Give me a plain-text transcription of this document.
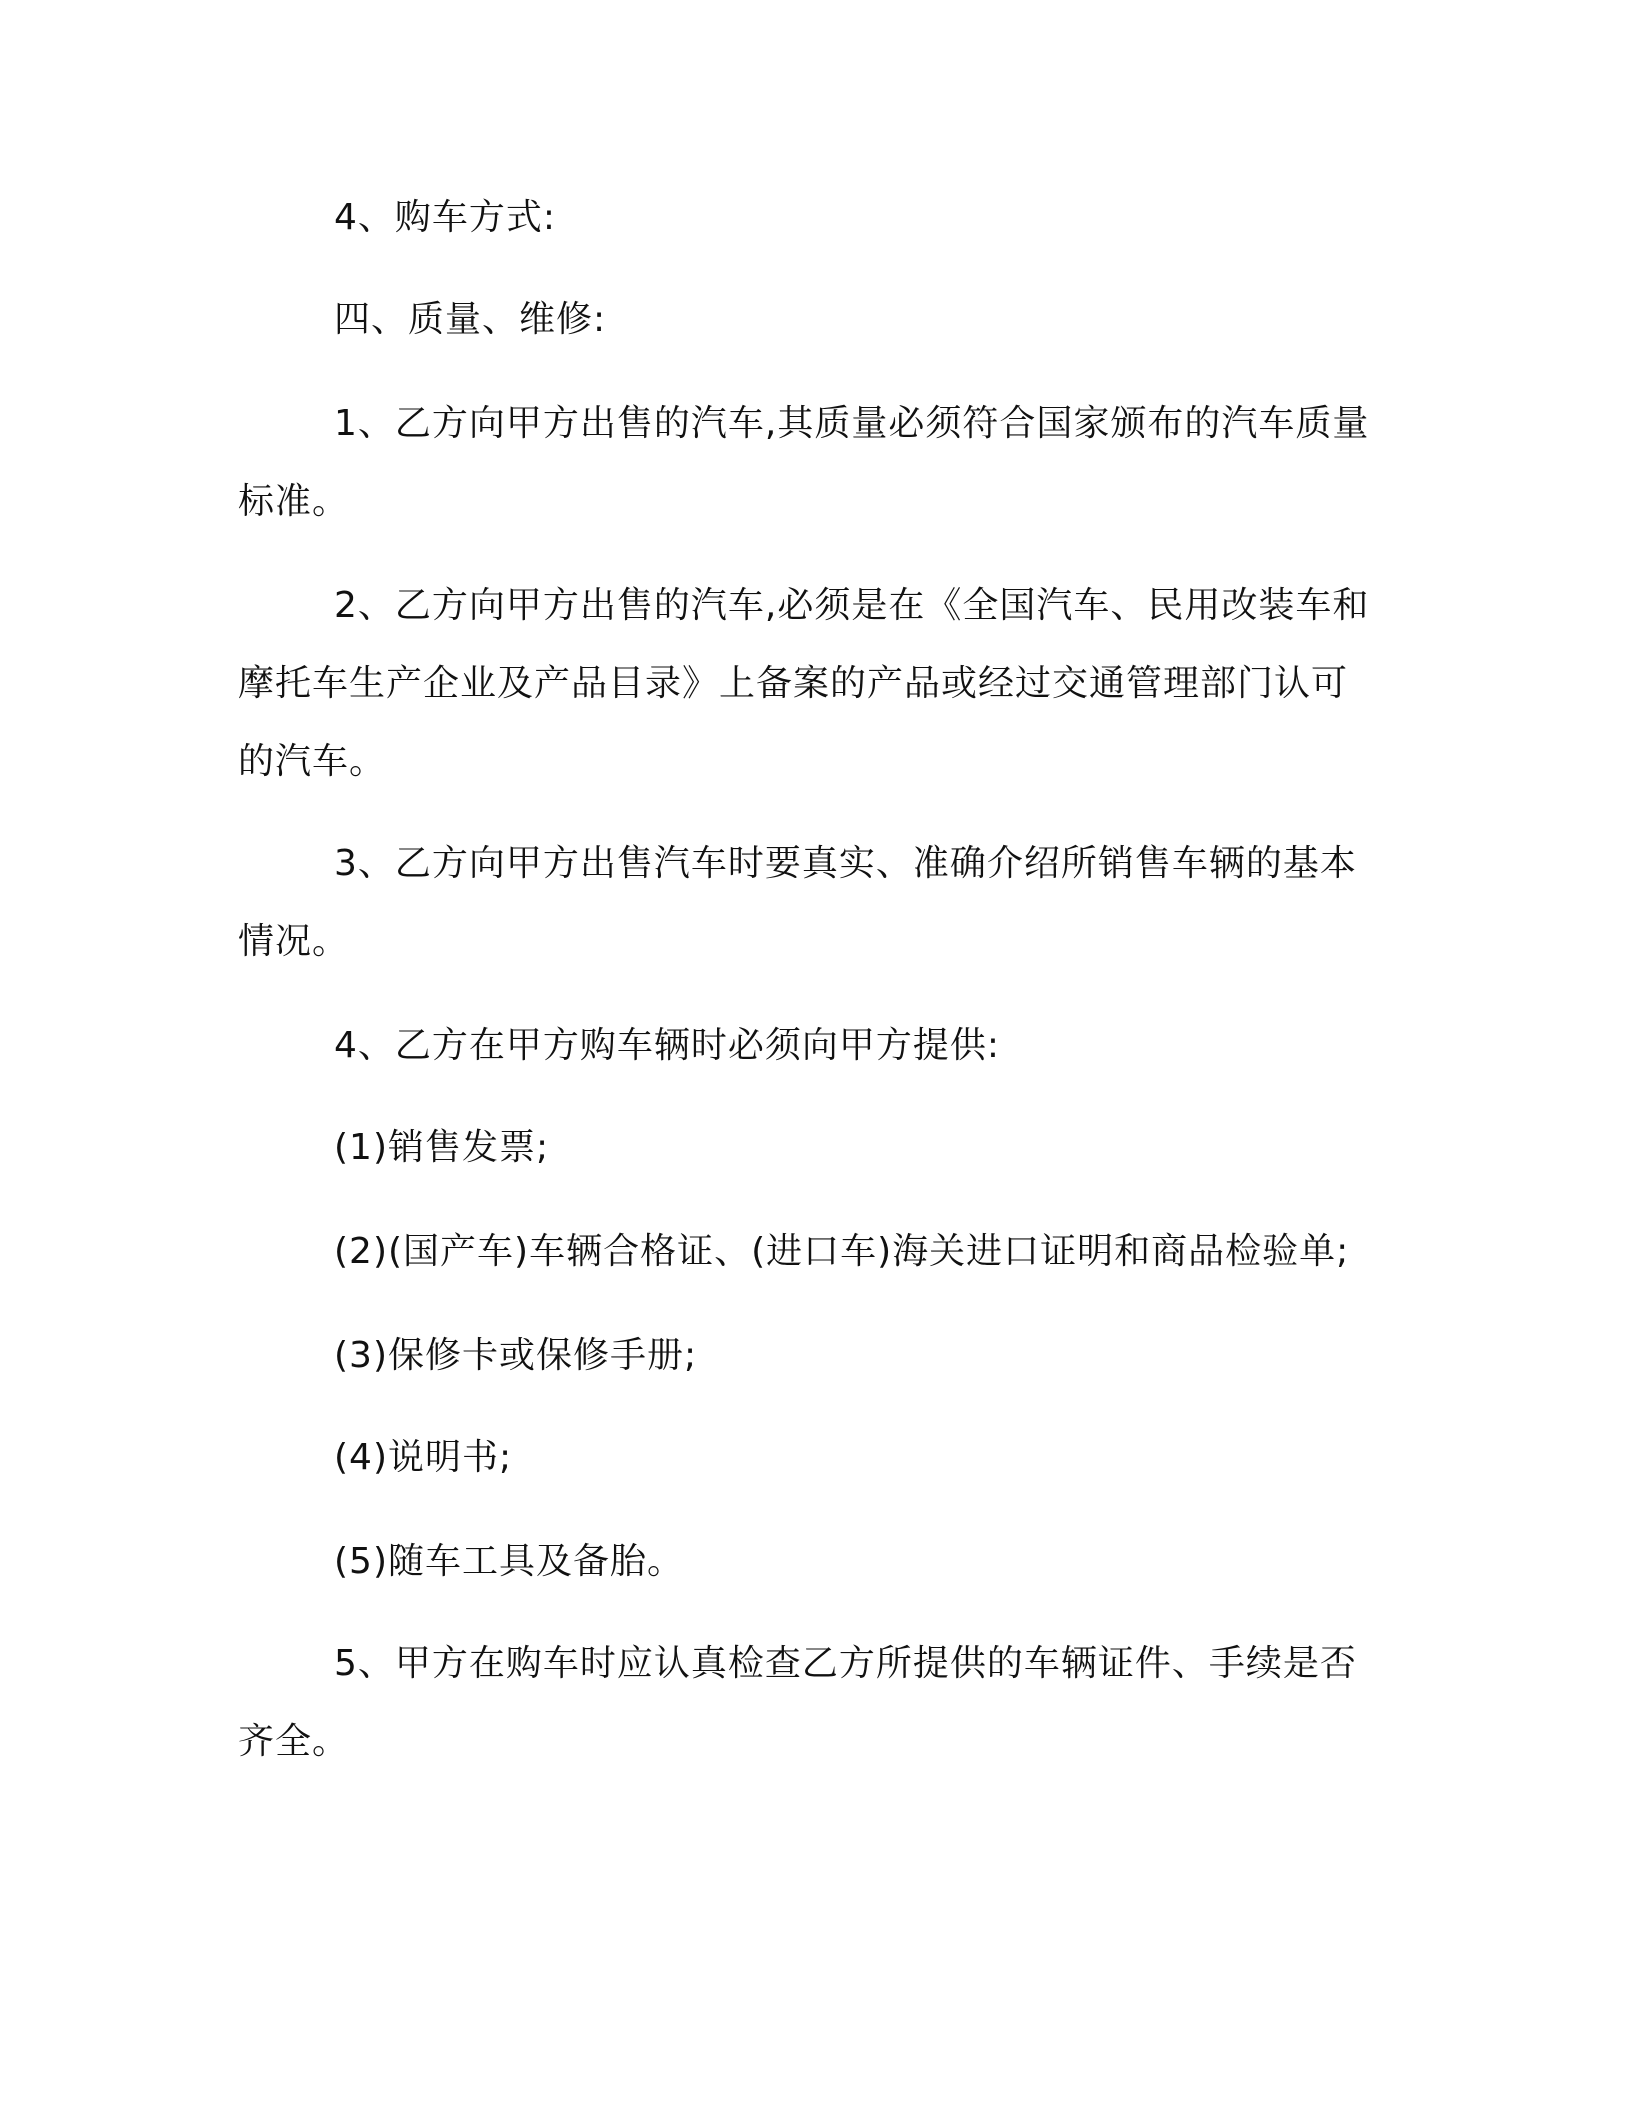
4、购车方式:
四、质量、维修:
1、乙方向甲方出售的汽车,其质量必须符合国家颁布的汽车质量
标准。
2、乙方向甲方出售的汽车,必须是在《全国汽车、民用改装车和
摩托车生产企业及产品目录》上备案的产品或经过交通管理部门认可
的汽车。
3、乙方向甲方出售汽车时要真实、准确介绍所销售车辆的基本
情况。
4、乙方在甲方购车辆时必须向甲方提供:
(1)销售发票;
(2)(国产车)车辆合格证、(进口车)海关进口证明和商品检验单;
(3)保修卡或保修手册;
(4)说明书;
(5)随车工具及备胎。
5、甲方在购车时应认真检查乙方所提供的车辆证件、手续是否
齐全。
